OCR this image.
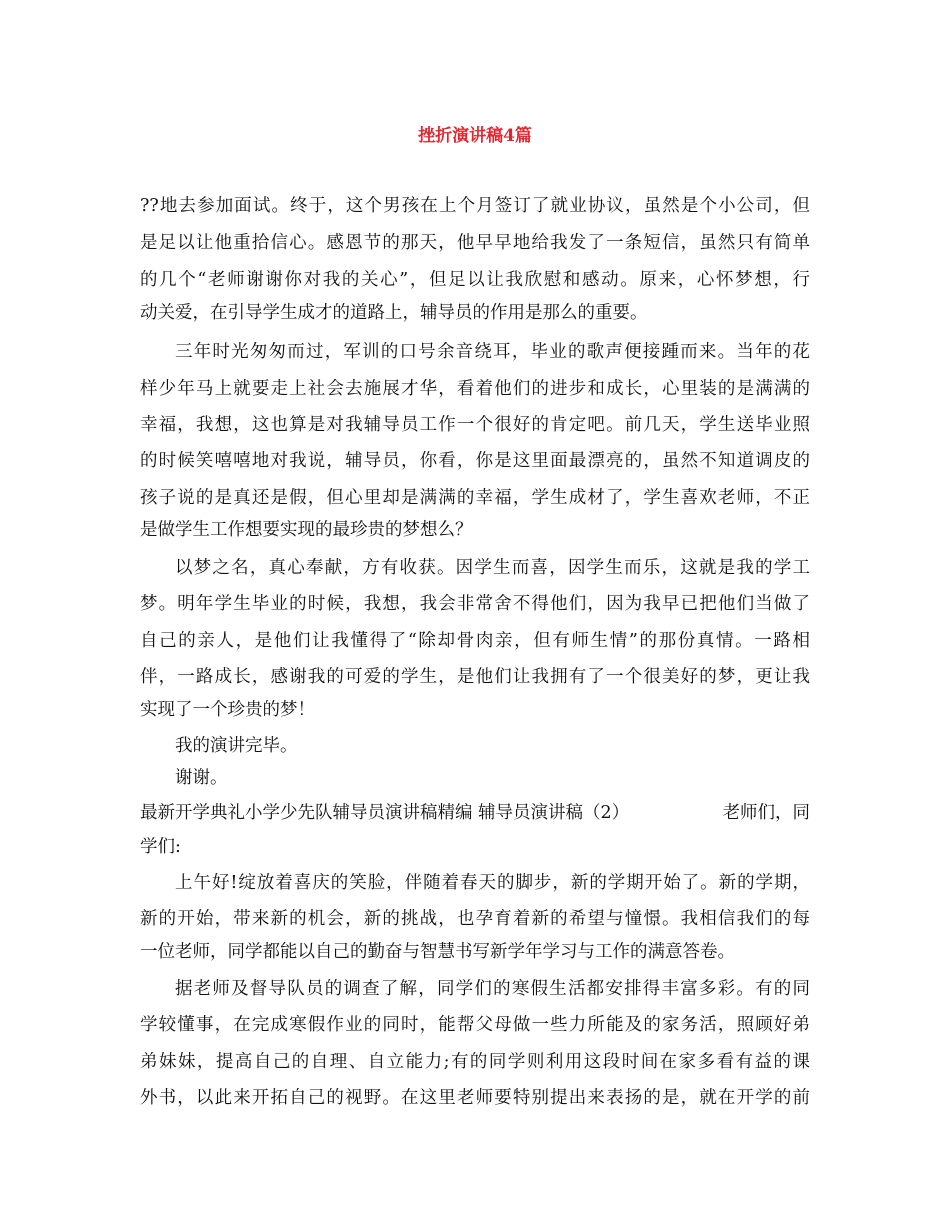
挫折演讲稿4篇
??地去参加面试。终于，这个男孩在上个月签订了就业协议，虽然是个小公司，但
是足以让他重拾信心。感恩节的那天，他早早地给我发了一条短信，虽然只有简单
的几个“老师谢谢你对我的关心”，但足以让我欣慰和感动。原来，心怀梦想，行
动关爱，在引导学生成才的道路上，辅导员的作用是那么的重要。
三年时光匆匆而过，军训的口号余音绕耳，毕业的歌声便接踵而来。当年的花
样少年马上就要走上社会去施展才华，看着他们的进步和成长，心里装的是满满的
幸福，我想，这也算是对我辅导员工作一个很好的肯定吧。前几天，学生送毕业照
的时候笑嘻嘻地对我说，辅导员，你看，你是这里面最漂亮的，虽然不知道调皮的
孩子说的是真还是假，但心里却是满满的幸福，学生成材了，学生喜欢老师，不正
是做学生工作想要实现的最珍贵的梦想么？
以梦之名，真心奉献，方有收获。因学生而喜，因学生而乐，这就是我的学工
梦。明年学生毕业的时候，我想，我会非常舍不得他们，因为我早已把他们当做了
自己的亲人，是他们让我懂得了“除却骨肉亲，但有师生情”的那份真情。一路相
伴，一路成长，感谢我的可爱的学生，是他们让我拥有了一个很美好的梦，更让我
实现了一个珍贵的梦！
我的演讲完毕。
谢谢。
最新开学典礼小学少先队辅导员演讲稿精编 辅导员演讲稿（2）	老师们，同
学们:
上午好!绽放着喜庆的笑脸，伴随着春天的脚步，新的学期开始了。新的学期，
新的开始，带来新的机会，新的挑战，也孕育着新的希望与憧憬。我相信我们的每
一位老师，同学都能以自己的勤奋与智慧书写新学年学习与工作的满意答卷。
据老师及督导队员的调查了解，同学们的寒假生活都安排得丰富多彩。有的同
学较懂事，在完成寒假作业的同时，能帮父母做一些力所能及的家务活，照顾好弟
弟妹妹，提高自己的自理、自立能力;有的同学则利用这段时间在家多看有益的课
外书，以此来开拓自己的视野。在这里老师要特别提出来表扬的是，就在开学的前
